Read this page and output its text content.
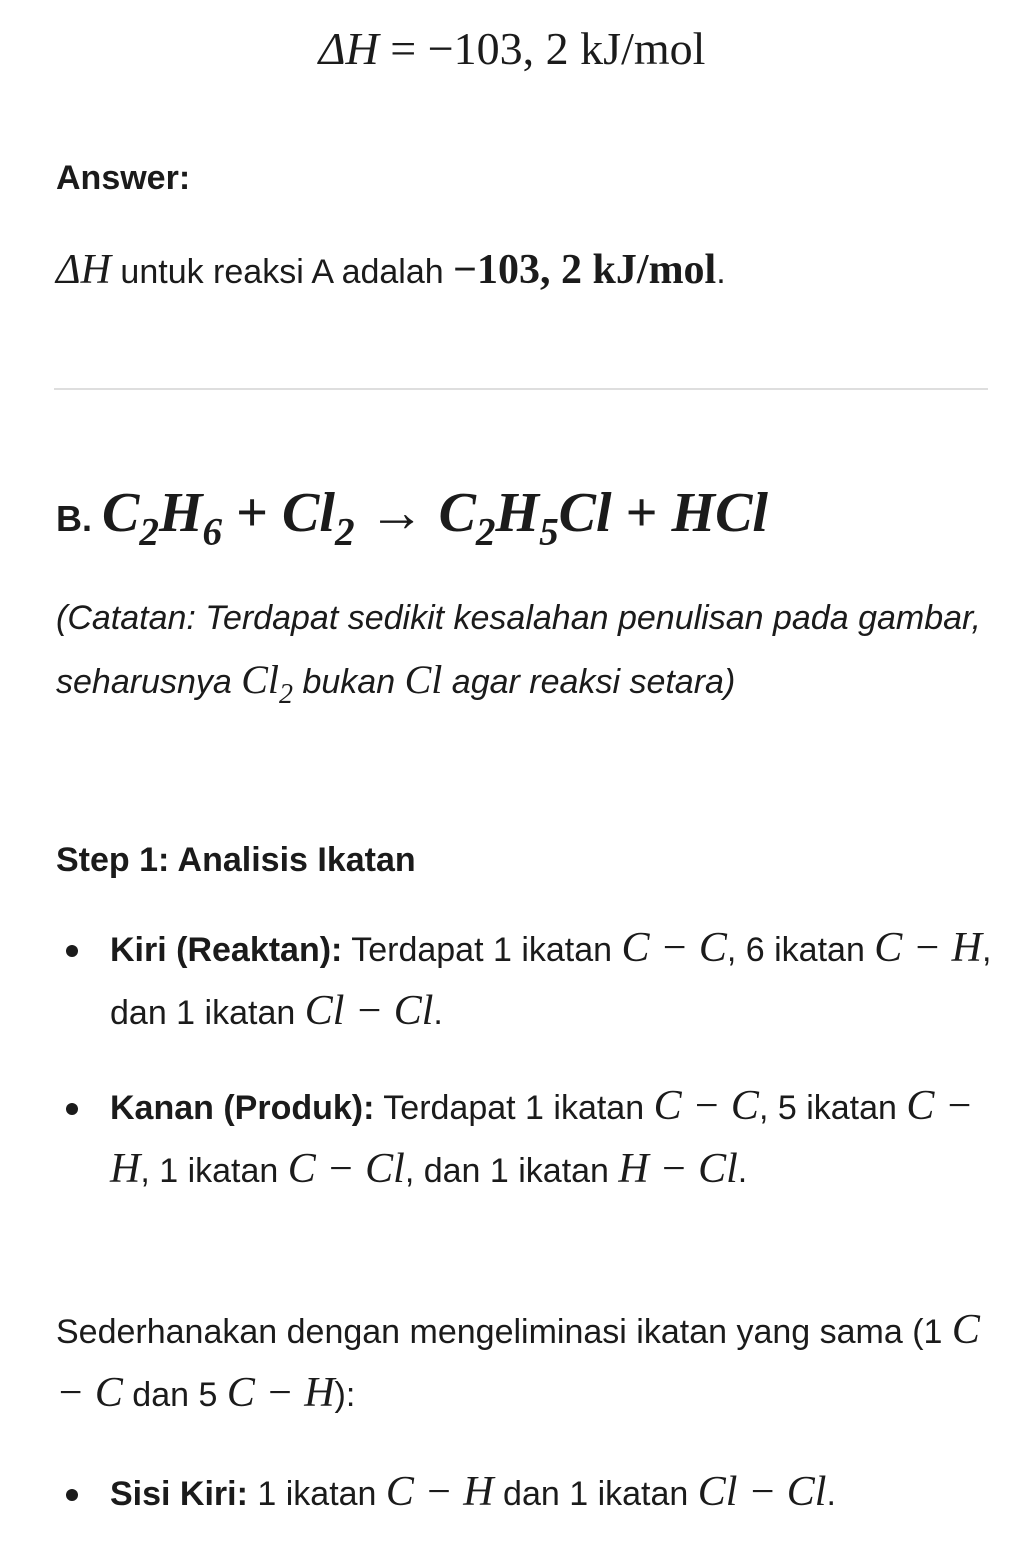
ΔH = −103, 2 kJ/mol
Answer:
ΔH untuk reaksi A adalah −103, 2 kJ/mol.
B. $C_2H_6 + Cl_2 \to C_2H_5Cl$ + HCl
(Catatan: Terdapat sedikit kesalahan penulisan pada gambar, seharusnya $Cl_2$ bukan Cl agar reaksi setara)
Step 1: Analisis Ikatan
Kiri (Reaktan): Terdapat 1 ikatan C − C, 6 ikatan C − H, dan 1 ikatan Cl − Cl.
Kanan (Produk): Terdapat 1 ikatan C − C, 5 ikatan C − H, 1 ikatan C − Cl, dan 1 ikatan H − Cl.
Sederhanakan dengan mengeliminasi ikatan yang sama (1 C − C dan 5 C − H):
Sisi Kiri: 1 ikatan C − H dan 1 ikatan Cl − Cl.
